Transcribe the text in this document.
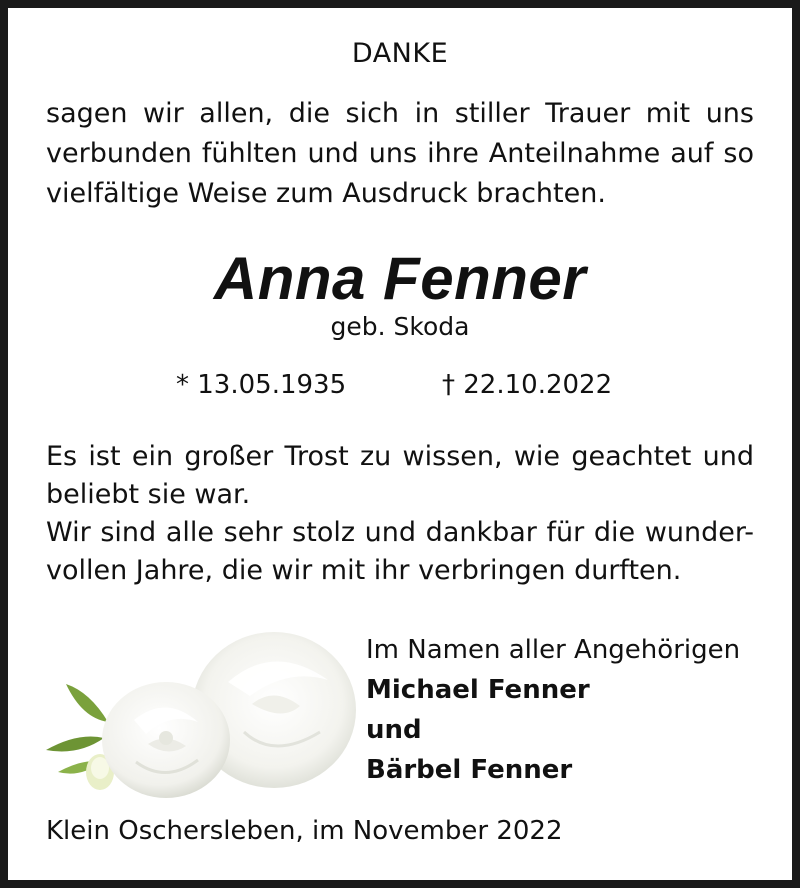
DANKE
sagen wir allen, die sich in stiller Trauer mit uns verbunden fühlten und uns ihre Anteilnahme auf so vielfältige Weise zum Ausdruck brachten.
Anna Fenner
geb. Skoda
* 13.05.1935	† 22.10.2022

Es ist ein großer Trost zu wissen, wie geachtet und beliebt sie war.

Wir sind alle sehr stolz und dankbar für die wunder-vollen Jahre, die wir mit ihr verbringen durften.

Im Namen aller Angehörigen
Michael Fenner
und
Bärbel Fenner
Klein Oschersleben, im November 2022
